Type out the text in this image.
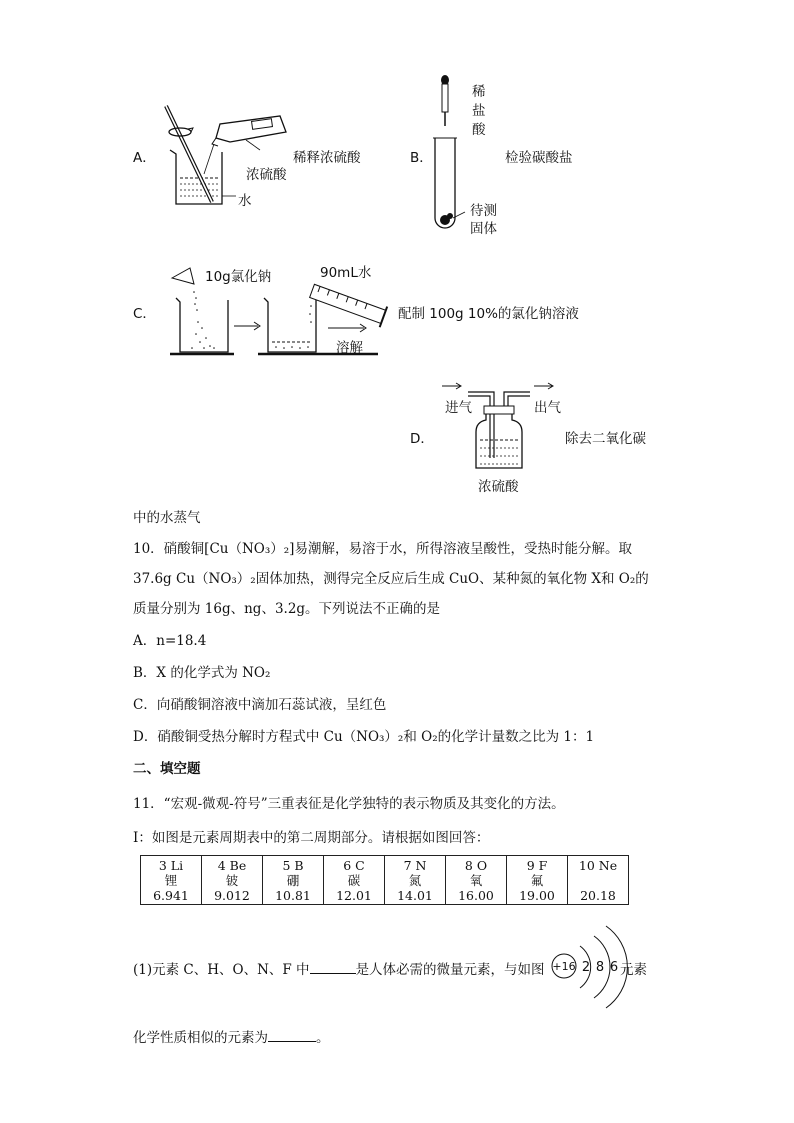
A．	稀释浓硫酸
浓硫酸
水
B．
稀
盐
酸
检验碳酸盐
待测
固体
C．
10g氯化钠	90mL水
溶解
配制 100g 10%的氯化钠溶液
D．
进气	出气
除去二氧化碳
浓硫酸
中的水蒸气
10．硝酸铜[Cu（NO₃）₂]易潮解，易溶于水，所得溶液呈酸性，受热时能分解。取
37.6g Cu（NO₃）₂固体加热，测得完全反应后生成 CuO、某种氮的氧化物 X和 O₂的
质量分别为 16g、ng、3.2g。下列说法不正确的是
A．n=18.4
B．X 的化学式为 NO₂
C．向硝酸铜溶液中滴加石蕊试液，呈红色
D．硝酸铜受热分解时方程式中 Cu（NO₃）₂和 O₂的化学计量数之比为 1：1
二、填空题
11．“宏观-微观-符号”三重表征是化学独特的表示物质及其变化的方法。
Ⅰ：如图是元素周期表中的第二周期部分。请根据如图回答：
3 Li
锂
6.941

4 Be
铍
9.012

5 B
硼
10.81

6 C
碳
12.01

7 N
氮
14.01

8 O
氧
16.00

9 F
氟
19.00

10 Ne
20.18
(1)元素 C、H、O、N、F 中	是人体必需的微量元素，与如图 +16 2 8 6 元素
化学性质相似的元素为	。
